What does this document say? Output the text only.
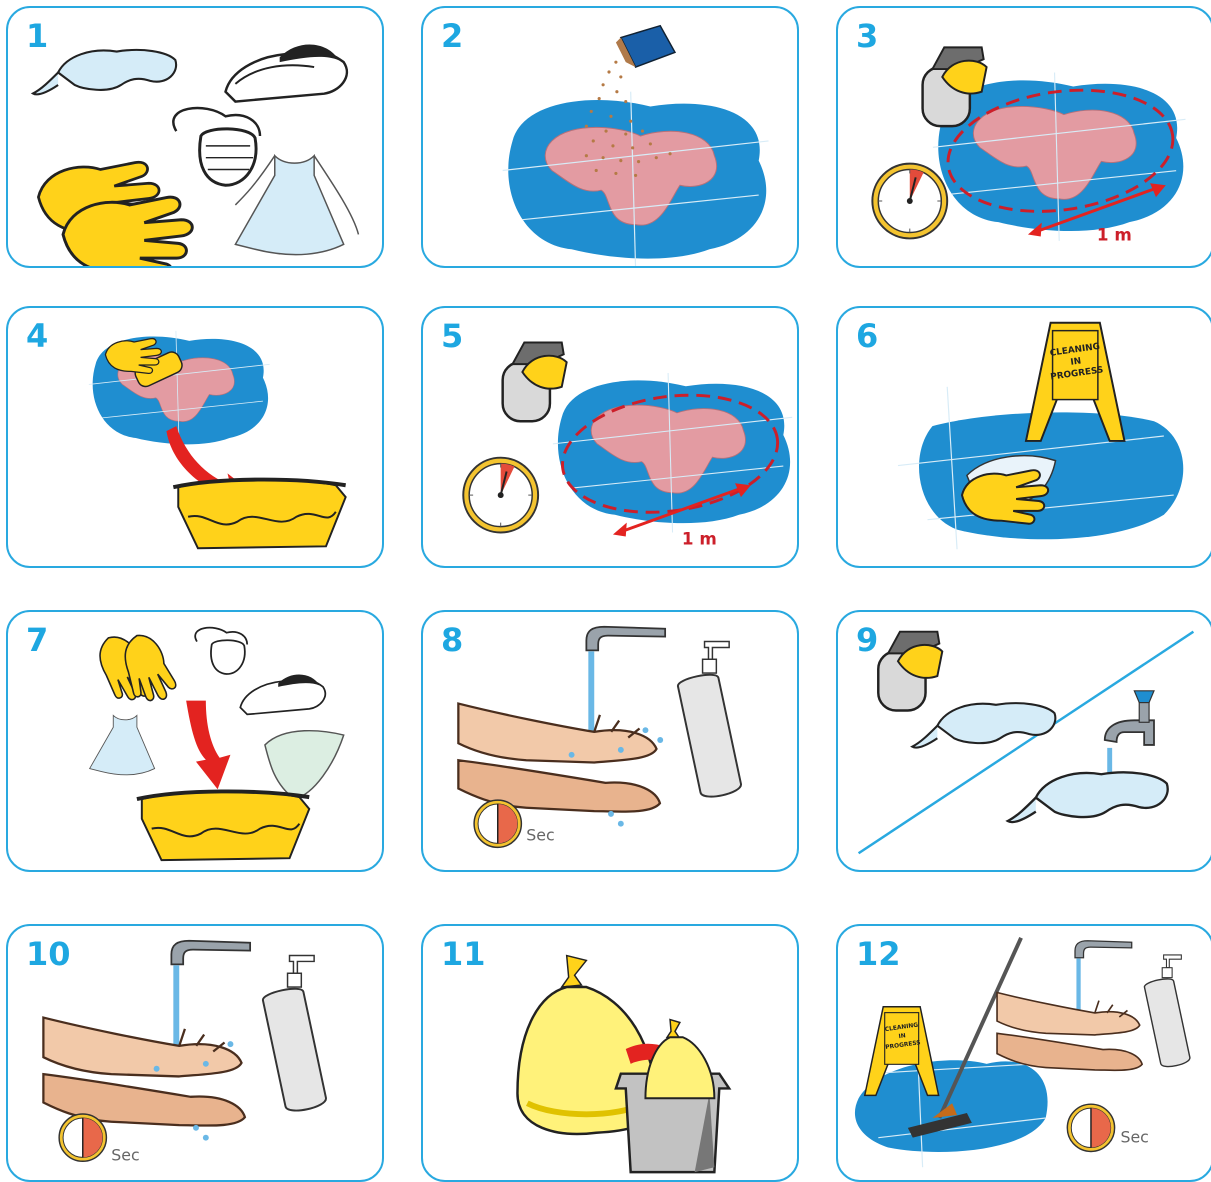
1	2	3
1 m
4	5
1 m
6	CLEANING
IN
PROGRESS
7	8
Sec
9
10
Sec
11	12
CLEANING
IN
PROGRESS
Sec
